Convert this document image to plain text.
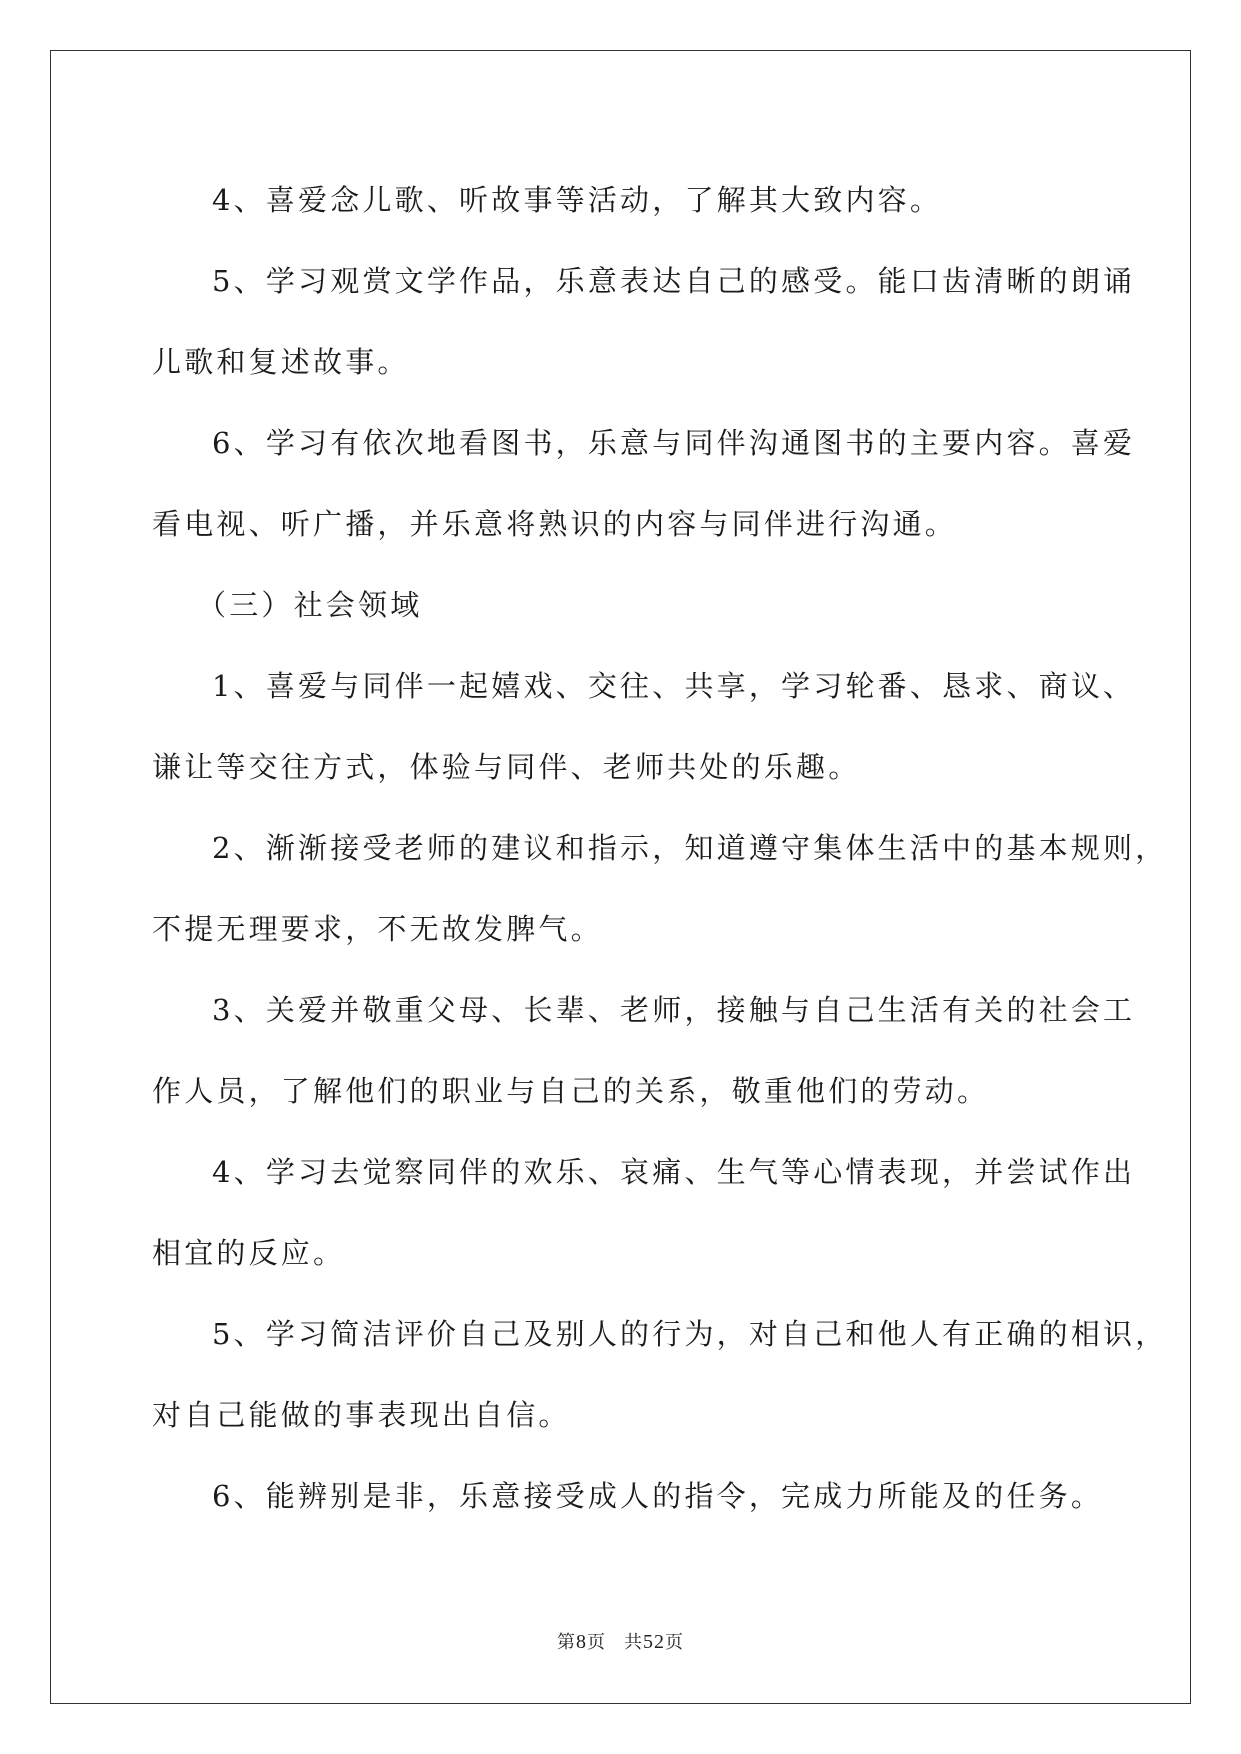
4、喜爱念儿歌、听故事等活动，了解其大致内容。

5、学习观赏文学作品，乐意表达自己的感受。能口齿清晰的朗诵

儿歌和复述故事。

6、学习有依次地看图书，乐意与同伴沟通图书的主要内容。喜爱

看电视、听广播，并乐意将熟识的内容与同伴进行沟通。

（三）社会领域

1、喜爱与同伴一起嬉戏、交往、共享，学习轮番、恳求、商议、

谦让等交往方式，体验与同伴、老师共处的乐趣。

2、渐渐接受老师的建议和指示，知道遵守集体生活中的基本规则，

不提无理要求，不无故发脾气。

3、关爱并敬重父母、长辈、老师，接触与自己生活有关的社会工

作人员，了解他们的职业与自己的关系，敬重他们的劳动。

4、学习去觉察同伴的欢乐、哀痛、生气等心情表现，并尝试作出

相宜的反应。

5、学习简洁评价自己及别人的行为，对自己和他人有正确的相识，

对自己能做的事表现出自信。

6、能辨别是非，乐意接受成人的指令，完成力所能及的任务。

第8页 共52页
